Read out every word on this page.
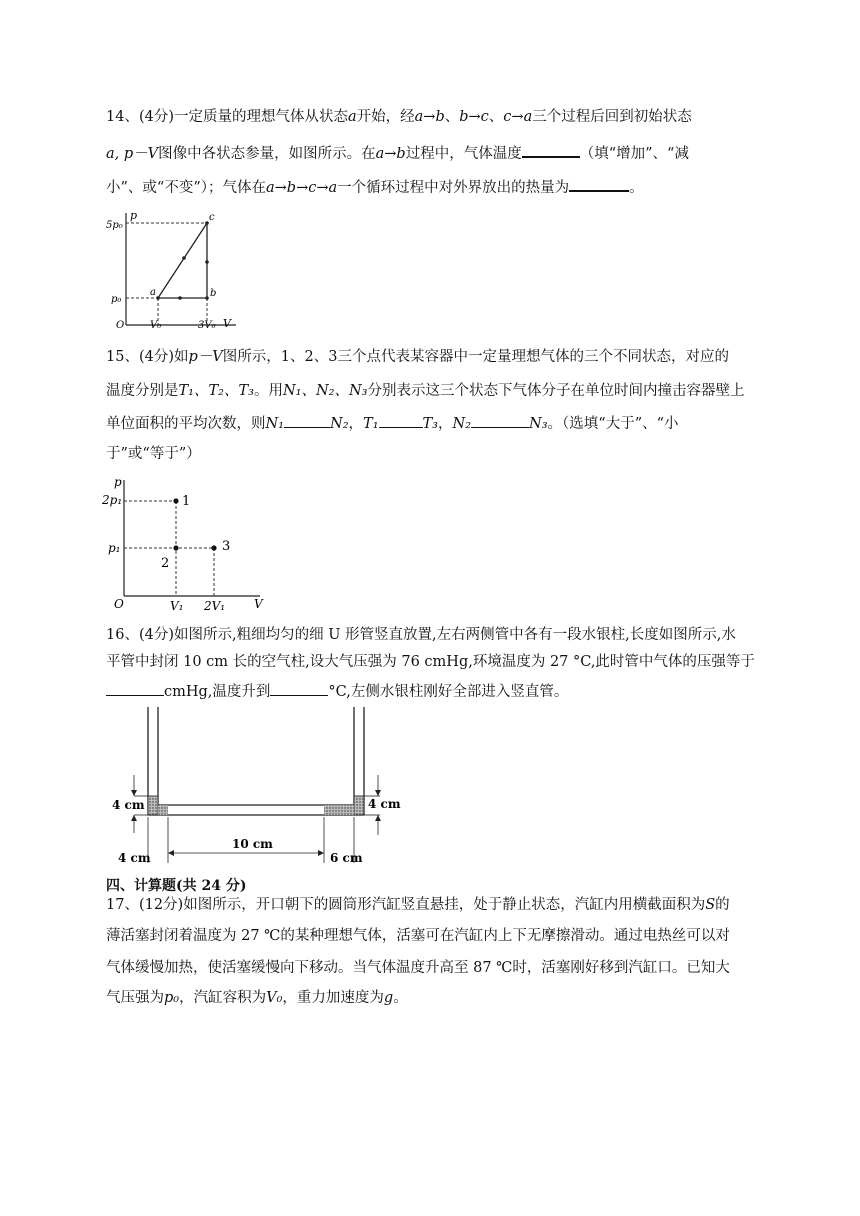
14、(4分)一定质量的理想气体从状态a开始，经a→b、b→c、c→a三个过程后回到初始状态
a, p－V图像中各状态参量，如图所示。在a→b过程中，气体温度	（填“增加”、“减
小”、或“不变”）；气体在a→b→c→a一个循环过程中对外界放出的热量为	。
p
5p₀
p₀
O	V₀	3V₀ V
a	b
c
15、(4分)如p－V图所示，1、2、3三个点代表某容器中一定量理想气体的三个不同状态，对应的
温度分别是T₁、T₂、T₃。用N₁、N₂、N₃分别表示这三个状态下气体分子在单位时间内撞击容器壁上
单位面积的平均次数，则N₁	N₂，T₁	T₃，N₂	N₃。（选填“大于”、“小
于”或“等于”）
p
2p₁
p₁
O	V₁ 2V₁ V
1
2
3
16、(4分)如图所示,粗细均匀的细 U 形管竖直放置,左右两侧管中各有一段水银柱,长度如图所示,水
平管中封闭 10 cm 长的空气柱,设大气压强为 76 cmHg,环境温度为 27 °C,此时管中气体的压强等于
cmHg,温度升到	°C,左侧水银柱刚好全部进入竖直管。
4 cm	4 cm
10 cm
4 cm	6 cm
四、计算题(共 24 分)
17、(12分)如图所示，开口朝下的圆筒形汽缸竖直悬挂，处于静止状态，汽缸内用横截面积为S的
薄活塞封闭着温度为 27 ℃的某种理想气体，活塞可在汽缸内上下无摩擦滑动。通过电热丝可以对
气体缓慢加热，使活塞缓慢向下移动。当气体温度升高至 87 ℃时，活塞刚好移到汽缸口。已知大
气压强为p₀，汽缸容积为V₀，重力加速度为g。
